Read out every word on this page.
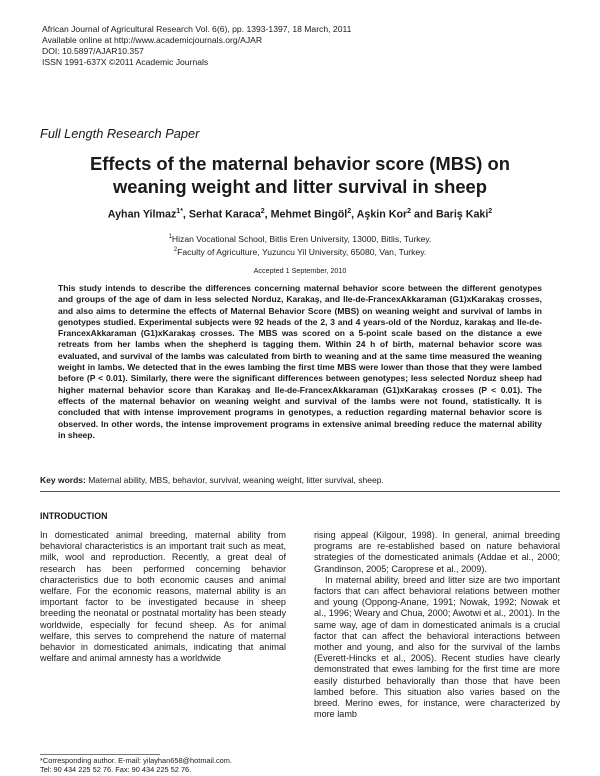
African Journal of Agricultural Research Vol. 6(6), pp. 1393-1397, 18 March, 2011
Available online at http://www.academicjournals.org/AJAR
DOI: 10.5897/AJAR10.357
ISSN 1991-637X ©2011 Academic Journals
Full Length Research Paper
Effects of the maternal behavior score (MBS) on
weaning weight and litter survival in sheep
Ayhan Yilmaz$^{1*}$, Serhat Karaca$^2$, Mehmet Bingöl$^2$, Aşkin Kor$^2$ and Bariş Kaki$^2$
$^1$Hizan Vocational School, Bitlis Eren University, 13000, Bitlis, Turkey.
$^2$Faculty of Agriculture, Yuzuncu Yil University, 65080, Van, Turkey.
Accepted 1 September, 2010

This study intends to describe the differences concerning maternal behavior score between the different genotypes and groups of the age of dam in less selected Norduz, Karakaş, and Ile-de-FrancexAkkaraman (G1)xKarakaş crosses, and also aims to determine the effects of Maternal Behavior Score (MBS) on weaning weight and survival of lambs in genotypes studied. Experimental subjects were 92 heads of the 2, 3 and 4 years-old of the Norduz, karakaş and Ile-de-FrancexAkkaraman (G1)xKarakaş crosses. The MBS was scored on a 5-point scale based on the distance a ewe retreats from her lambs when the shepherd is tagging them. Within 24 h of birth, maternal behavior score was evaluated, and survival of the lambs was calculated from birth to weaning and at the same time measured the weaning weight in lambs. We detected that in the ewes lambing the first time MBS were lower than those that they were lambed before (P < 0.01). Similarly, there were the significant differences between genotypes; less selected Norduz sheep had higher maternal behavior score than Karakaş and Ile-de-FrancexAkkaraman (G1)xKarakaş crosses (P < 0.01). The effects of the maternal behavior on weaning weight and survival of the lambs were not found, statistically. It is concluded that with intense improvement programs in genotypes, a reduction regarding maternal behavior score is observed. In other words, the intense improvement programs in extensive animal breeding reduce the maternal ability in sheep.

Key words: Maternal ability, MBS, behavior, survival, weaning weight, litter survival, sheep.
INTRODUCTION

In domesticated animal breeding, maternal ability from behavioral characteristics is an important trait such as meat, milk, wool and reproduction. Recently, a great deal of research has been performed concerning behavior characteristics due to both economic causes and animal welfare. For the economic reasons, maternal ability is an important factor to be investigated because in sheep breeding the neonatal or postnatal mortality has been steady worldwide, especially for fecund sheep. As for animal welfare, this serves to comprehend the nature of maternal behavior in domesticated animals, indicating that animal welfare and animal amnesty has a worldwide

rising appeal (Kilgour, 1998). In general, animal breeding programs are re-established based on nature behavioral strategies of the domesticated animals (Addae et al., 2000; Grandinson, 2005; Caroprese et al., 2009).

In maternal ability, breed and litter size are two important factors that can affect behavioral relations between mother and young (Oppong-Anane, 1991; Nowak, 1992; Nowak et al., 1996; Weary and Chua, 2000; Awotwi et al., 2001). In the same way, age of dam in domesticated animals is a crucial factor that can affect the behavioral interactions between mother and young, and also for the survival of the lambs (Everett-Hincks et al., 2005). Recent studies have clearly demonstrated that ewes lambing for the first time are more easily disturbed behaviorally than those that have been lambed before. This situation also varies based on the breed. Merino ewes, for instance, were characterized by more lamb

*Corresponding author. E-mail: yilayhan658@hotmail.com.
Tel: 90 434 225 52 76. Fax: 90 434 225 52 76.
